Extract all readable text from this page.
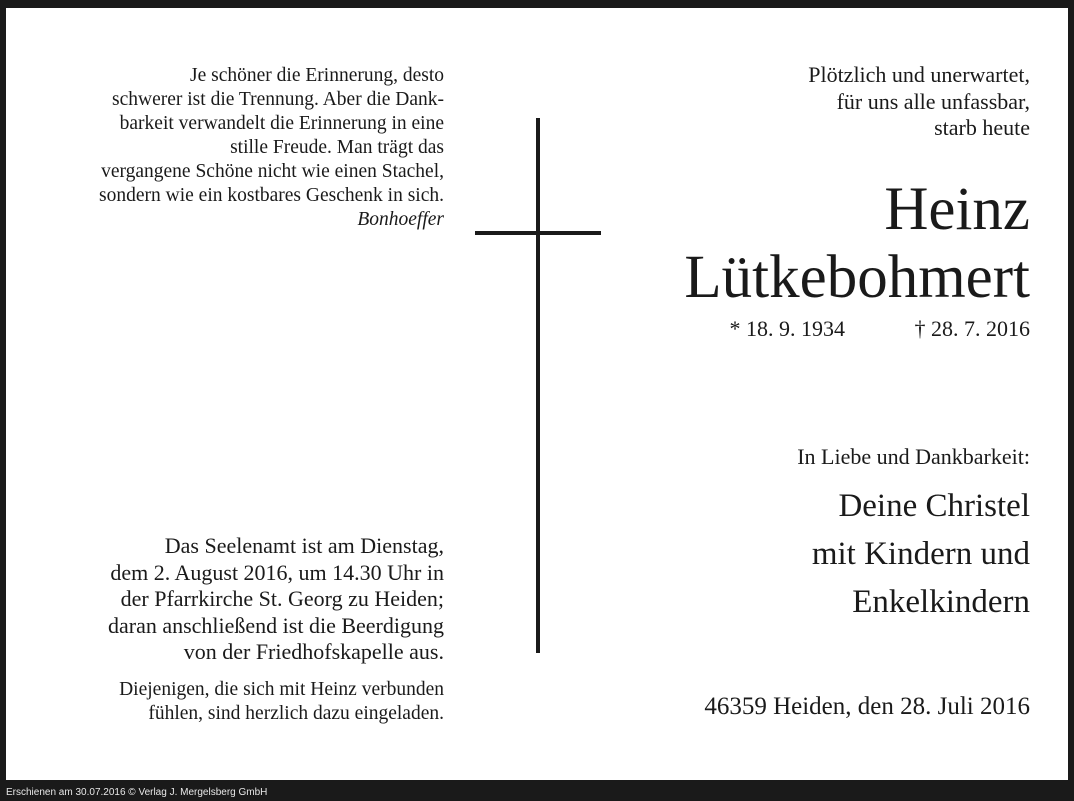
Je schöner die Erinnerung, desto
schwerer ist die Trennung. Aber die Dank-
barkeit verwandelt die Erinnerung in eine
stille Freude. Man trägt das
vergangene Schöne nicht wie einen Stachel,
sondern wie ein kostbares Geschenk in sich.
Bonhoeffer
Plötzlich und unerwartet,
für uns alle unfassbar,
starb heute
Heinz
Lütkebohmert
* 18. 9. 1934	† 28. 7. 2016
In Liebe und Dankbarkeit:
Deine Christel
mit Kindern und
Enkelkindern
Das Seelenamt ist am Dienstag,
dem 2. August 2016, um 14.30 Uhr in
der Pfarrkirche St. Georg zu Heiden;
daran anschließend ist die Beerdigung
von der Friedhofskapelle aus.
Diejenigen, die sich mit Heinz verbunden
fühlen, sind herzlich dazu eingeladen.	46359 Heiden, den 28. Juli 2016
Erschienen am 30.07.2016 © Verlag J. Mergelsberg GmbH
